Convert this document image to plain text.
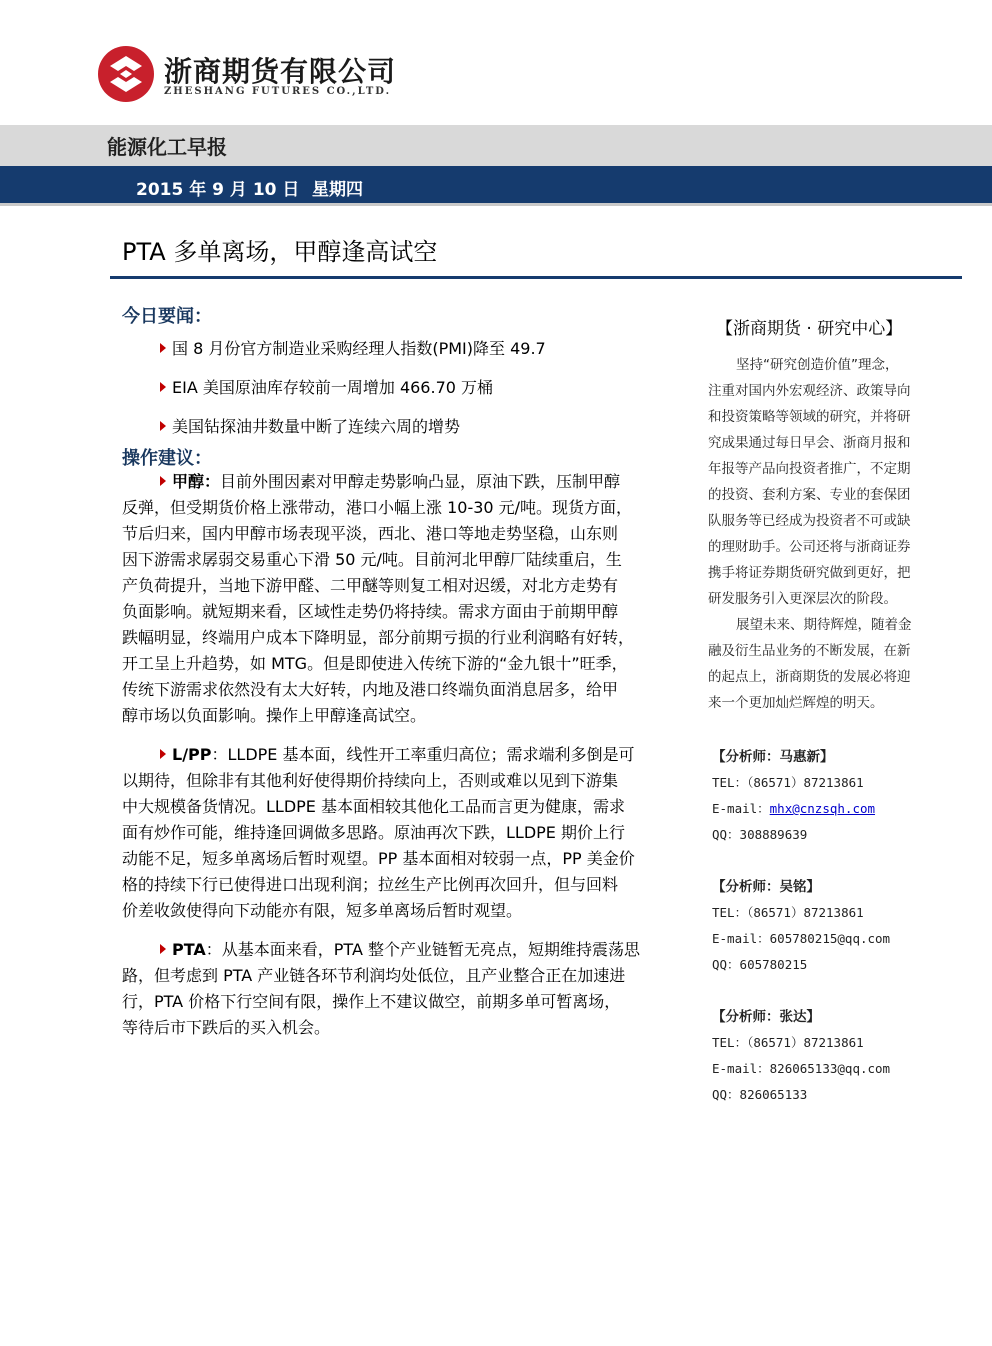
浙商期货有限公司
ZHESHANG FUTURES CO.,LTD.
能源化工早报
2015 年 9 月 10 日 星期四
PTA 多单离场，甲醇逢高试空
今日要闻：
国 8 月份官方制造业采购经理人指数(PMI)降至 49.7
EIA 美国原油库存较前一周增加 466.70 万桶
美国钻探油井数量中断了连续六周的增势
操作建议：
甲醇：目前外围因素对甲醇走势影响凸显，原油下跌，压制甲醇
反弹，但受期货价格上涨带动，港口小幅上涨 10-30 元/吨。现货方面，
节后归来，国内甲醇市场表现平淡，西北、港口等地走势坚稳，山东则
因下游需求孱弱交易重心下滑 50 元/吨。目前河北甲醇厂陆续重启，生
产负荷提升，当地下游甲醛、二甲醚等则复工相对迟缓，对北方走势有
负面影响。就短期来看，区域性走势仍将持续。需求方面由于前期甲醇
跌幅明显，终端用户成本下降明显，部分前期亏损的行业利润略有好转，
开工呈上升趋势，如 MTG。但是即使进入传统下游的“金九银十”旺季，
传统下游需求依然没有太大好转，内地及港口终端负面消息居多，给甲
醇市场以负面影响。操作上甲醇逢高试空。
L/PP：LLDPE 基本面，线性开工率重归高位；需求端利多倒是可
以期待，但除非有其他利好使得期价持续向上，否则或难以见到下游集
中大规模备货情况。LLDPE 基本面相较其他化工品而言更为健康，需求
面有炒作可能，维持逢回调做多思路。原油再次下跌，LLDPE 期价上行
动能不足，短多单离场后暂时观望。PP 基本面相对较弱一点，PP 美金价
格的持续下行已使得进口出现利润；拉丝生产比例再次回升，但与回料
价差收敛使得向下动能亦有限，短多单离场后暂时观望。
PTA：从基本面来看，PTA 整个产业链暂无亮点，短期维持震荡思
路，但考虑到 PTA 产业链各环节利润均处低位，且产业整合正在加速进
行，PTA 价格下行空间有限，操作上不建议做空，前期多单可暂离场，
等待后市下跌后的买入机会。
【浙商期货 · 研究中心】
坚持“研究创造价值”理念，
注重对国内外宏观经济、政策导向
和投资策略等领域的研究，并将研
究成果通过每日早会、浙商月报和
年报等产品向投资者推广，不定期
的投资、套利方案、专业的套保团
队服务等已经成为投资者不可或缺
的理财助手。公司还将与浙商证券
携手将证券期货研究做到更好，把
研发服务引入更深层次的阶段。
展望未来、期待辉煌，随着金
融及衍生品业务的不断发展，在新
的起点上，浙商期货的发展必将迎
来一个更加灿烂辉煌的明天。
【分析师：马惠新】
TEL：（86571）87213861
E-mail：mhx@cnzsqh.com
QQ：308889639
【分析师：吴铭】
TEL：（86571）87213861
E-mail：605780215@qq.com
QQ：605780215
【分析师：张达】
TEL：（86571）87213861
E-mail：826065133@qq.com
QQ：826065133
